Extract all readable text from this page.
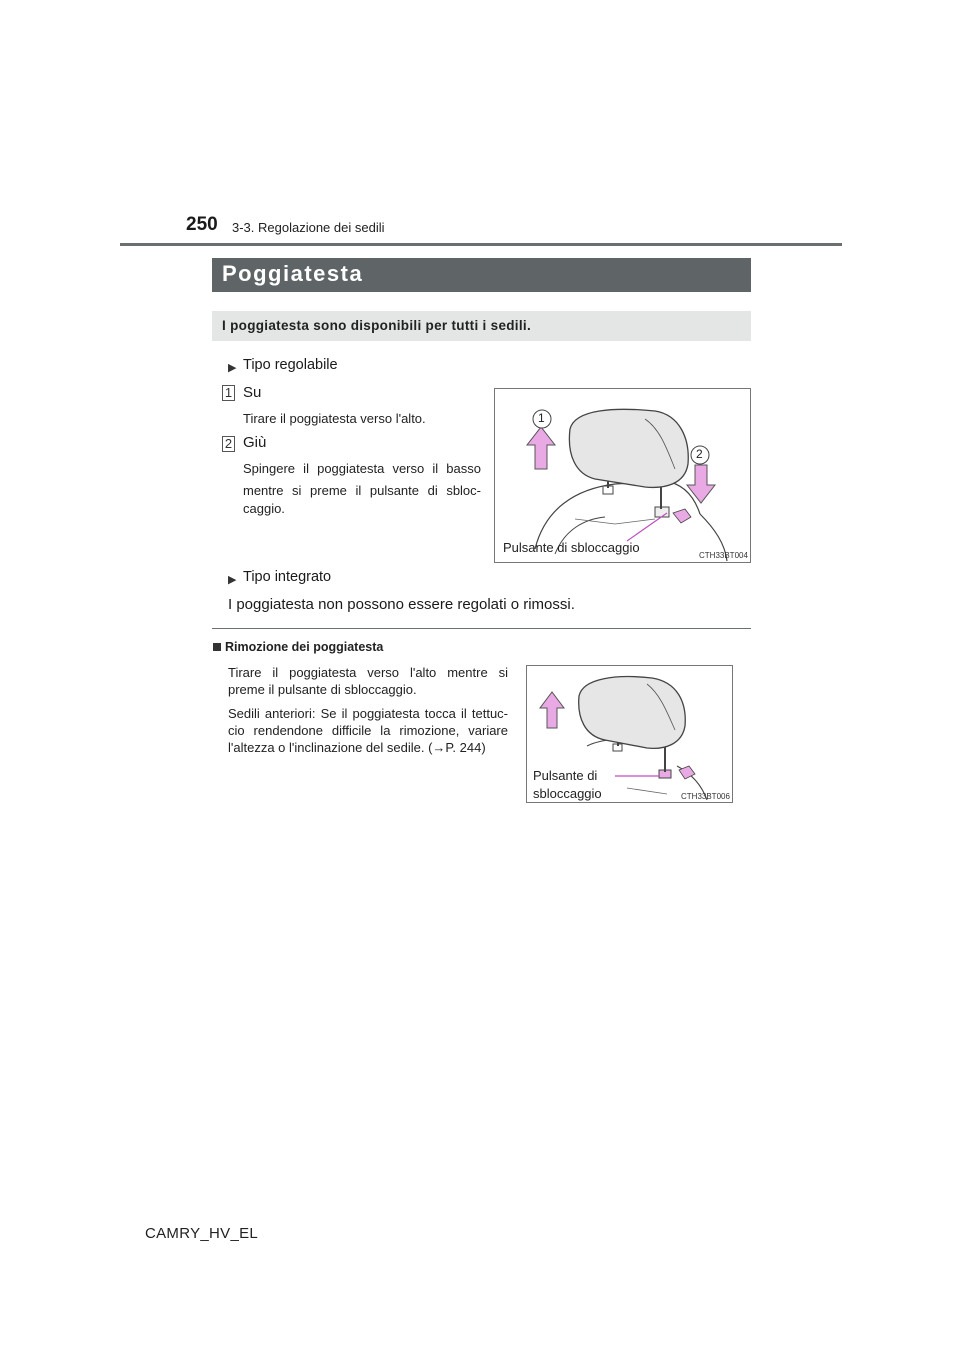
250 3-3. Regolazione dei sedili
Poggiatesta
I poggiatesta sono disponibili per tutti i sedili.
▶ Tipo regolabile
1 Su
Tirare il poggiatesta verso l'alto.
2 Giù
Spingere il poggiatesta verso il basso
mentre si preme il pulsante di sbloc-
caggio.
1
2
Pulsante di sbloccaggio
CTH33BT004
▶ Tipo integrato
I poggiatesta non possono essere regolati o rimossi.
Rimozione dei poggiatesta
Tirare il poggiatesta verso l'alto mentre si
preme il pulsante di sbloccaggio.
Sedili anteriori: Se il poggiatesta tocca il tettuc-
cio rendendone difficile la rimozione, variare
l'altezza o l'inclinazione del sedile. (→P. 244)
Pulsante di
sbloccaggio	CTH33BT006
CAMRY_HV_EL
